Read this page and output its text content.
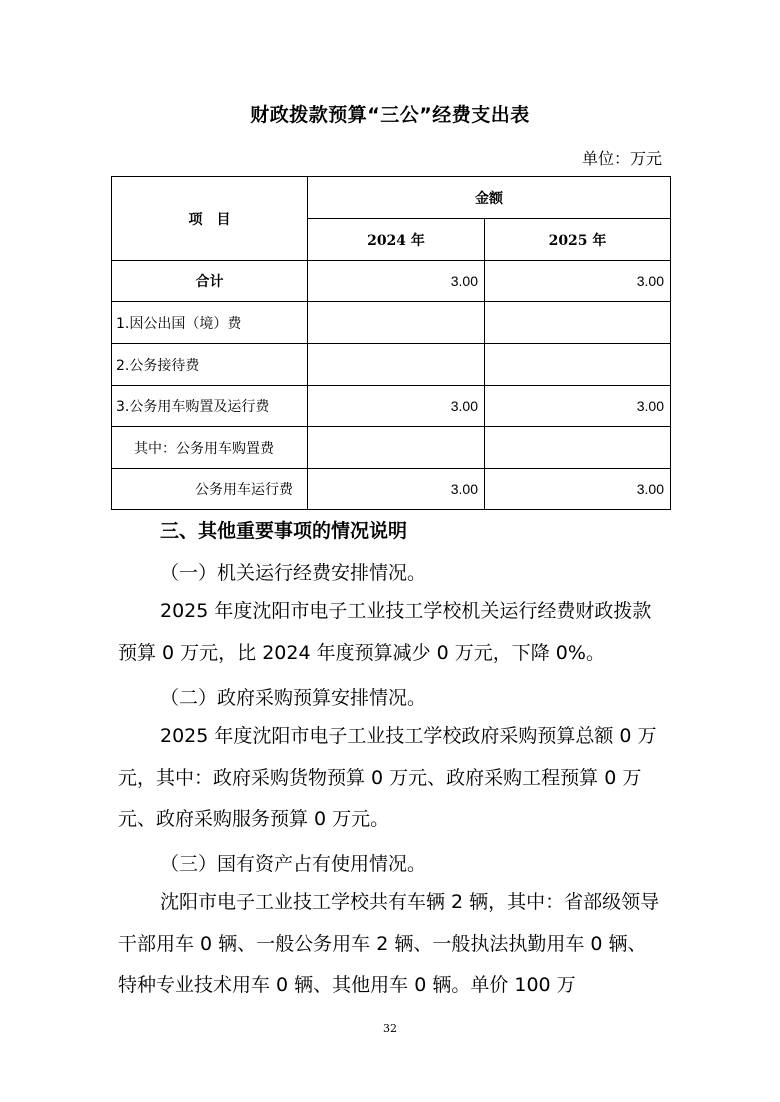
财政拨款预算“三公”经费支出表
单位：万元
项　目	金额	
	2024 年	2025 年
合计	3.00	3.00
1.因公出国（境）费		
2.公务接待费		
3.公务用车购置及运行费	3.00	3.00
其中：公务用车购置费		
公务用车运行费	3.00	3.00
三、其他重要事项的情况说明
（一）机关运行经费安排情况。
2025 年度沈阳市电子工业技工学校机关运行经费财政拨款预算 0 万元，比 2024 年度预算减少 0 万元，下降 0%。
（二）政府采购预算安排情况。
2025 年度沈阳市电子工业技工学校政府采购预算总额 0 万元，其中：政府采购货物预算 0 万元、政府采购工程预算 0 万元、政府采购服务预算 0 万元。
（三）国有资产占有使用情况。
沈阳市电子工业技工学校共有车辆 2 辆，其中：省部级领导干部用车 0 辆、一般公务用车 2 辆、一般执法执勤用车 0 辆、特种专业技术用车 0 辆、其他用车 0 辆。单价 100 万
32
